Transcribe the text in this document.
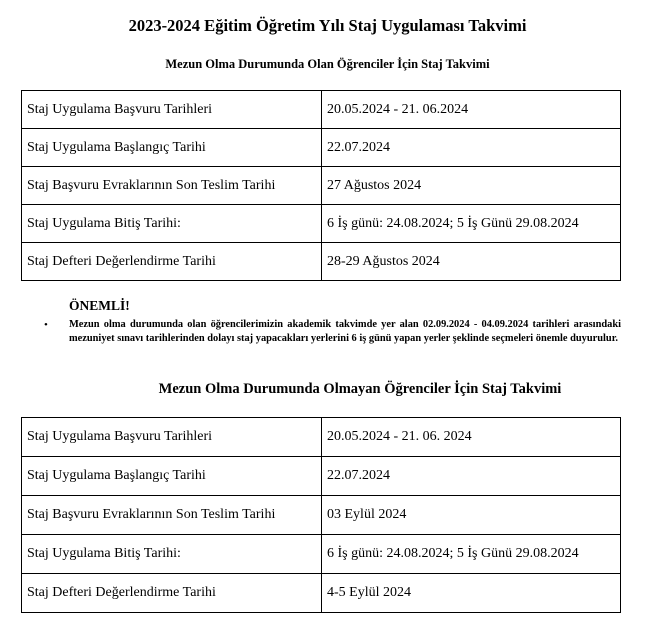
2023-2024 Eğitim Öğretim Yılı Staj Uygulaması Takvimi
Mezun Olma Durumunda Olan Öğrenciler İçin Staj Takvimi
Staj Uygulama Başvuru Tarihleri	20.05.2024 - 21. 06.2024
Staj Uygulama Başlangıç Tarihi	22.07.2024
Staj Başvuru Evraklarının Son Teslim Tarihi	27 Ağustos 2024
Staj Uygulama Bitiş Tarihi:	6 İş günü: 24.08.2024; 5 İş Günü 29.08.2024
Staj Defteri Değerlendirme Tarihi	28-29 Ağustos 2024
ÖNEMLİ!
• Mezun olma durumunda olan öğrencilerimizin akademik takvimde yer alan 02.09.2024 - 04.09.2024 tarihleri arasındaki mezuniyet sınavı tarihlerinden dolayı staj yapacakları yerlerini 6 iş günü yapan yerler şeklinde seçmeleri önemle duyurulur.
Mezun Olma Durumunda Olmayan Öğrenciler İçin Staj Takvimi
Staj Uygulama Başvuru Tarihleri	20.05.2024 - 21. 06. 2024
Staj Uygulama Başlangıç Tarihi	22.07.2024
Staj Başvuru Evraklarının Son Teslim Tarihi	03 Eylül 2024
Staj Uygulama Bitiş Tarihi:	6 İş günü: 24.08.2024; 5 İş Günü 29.08.2024
Staj Defteri Değerlendirme Tarihi	4-5 Eylül 2024
